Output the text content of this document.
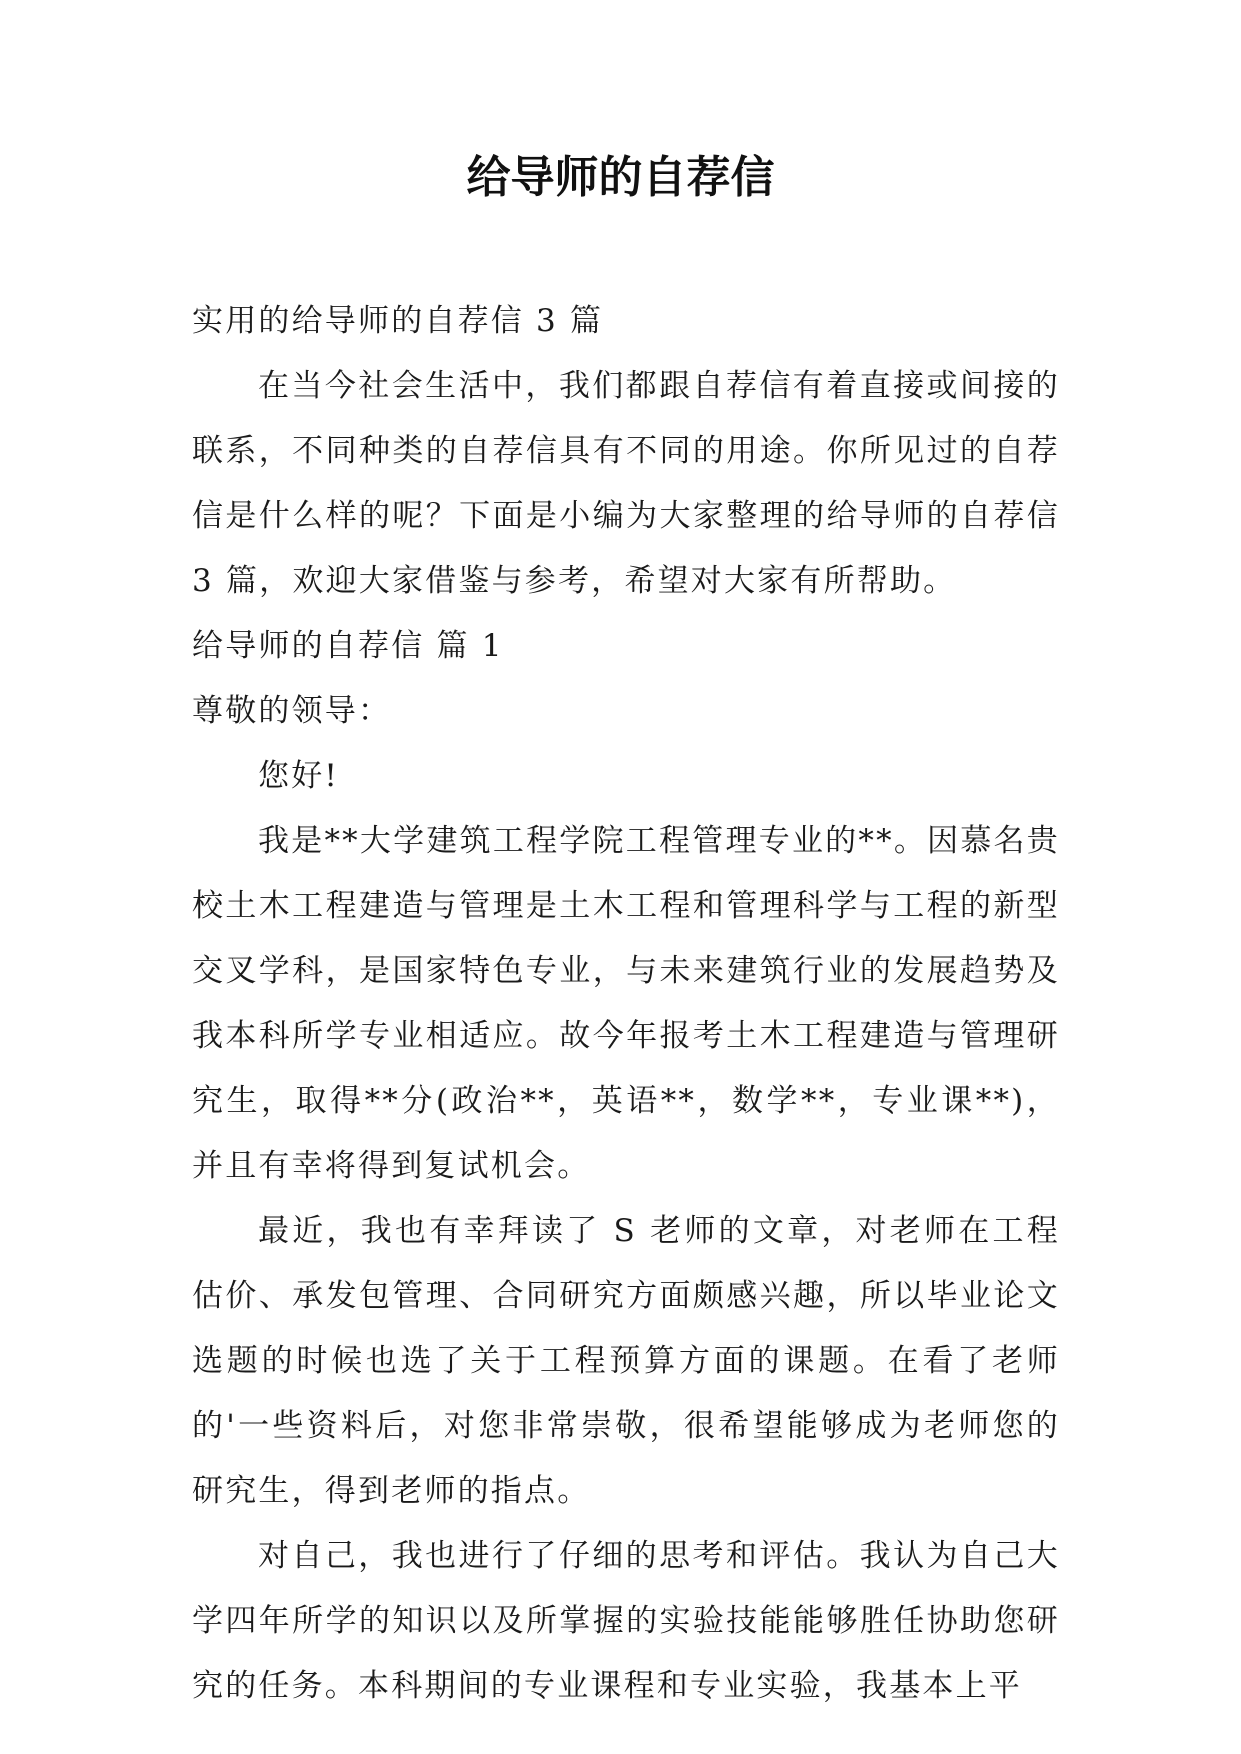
给导师的自荐信

实用的给导师的自荐信 3 篇

在当今社会生活中，我们都跟自荐信有着直接或间接的联系，不同种类的自荐信具有不同的用途。你所见过的自荐信是什么样的呢？下面是小编为大家整理的给导师的自荐信 3 篇，欢迎大家借鉴与参考，希望对大家有所帮助。

给导师的自荐信 篇 1

尊敬的领导：

您好!

我是**大学建筑工程学院工程管理专业的**。因慕名贵校土木工程建造与管理是土木工程和管理科学与工程的新型交叉学科，是国家特色专业，与未来建筑行业的发展趋势及我本科所学专业相适应。故今年报考土木工程建造与管理研究生，取得**分(政治**，英语**，数学**，专业课**)，并且有幸将得到复试机会。

最近，我也有幸拜读了 S 老师的文章，对老师在工程估价、承发包管理、合同研究方面颇感兴趣，所以毕业论文选题的时候也选了关于工程预算方面的课题。在看了老师的'一些资料后，对您非常崇敬，很希望能够成为老师您的研究生，得到老师的指点。

对自己，我也进行了仔细的思考和评估。我认为自己大学四年所学的知识以及所掌握的实验技能能够胜任协助您研究的任务。本科期间的专业课程和专业实验，我基本上平
